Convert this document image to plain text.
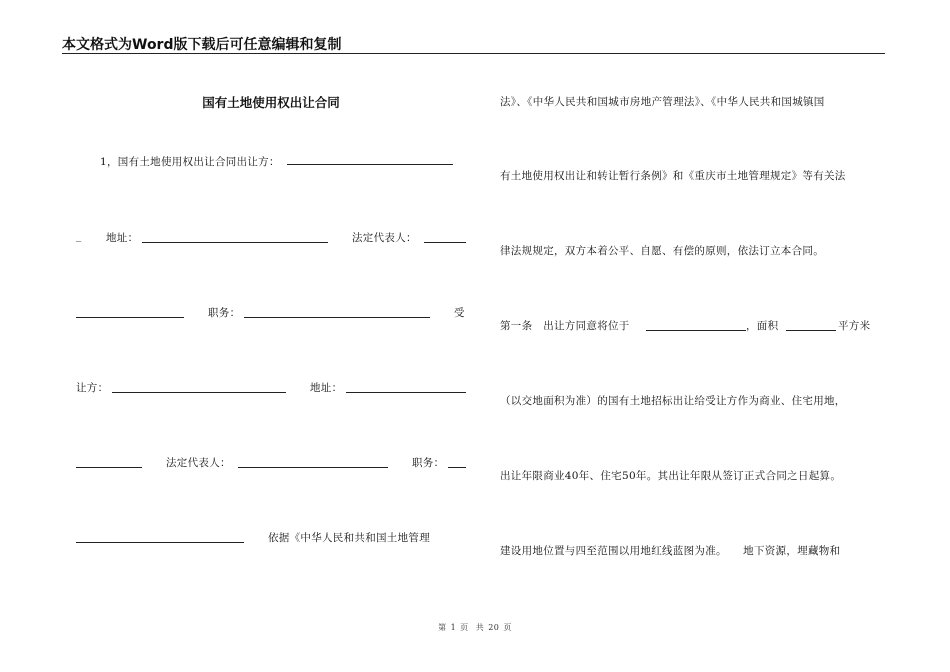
本文格式为Word版下载后可任意编辑和复制
国有土地使用权出让合同
1，国有土地使用权出让合同出让方：
_ 地址：	法定代表人：
职务：	受
让方：	地址：
法定代表人：	职务：
依据《中华人民和共和国土地管理
法》、《中华人民共和国城市房地产管理法》、《中华人民共和国城镇国
有土地使用权出让和转让暂行条例》和《重庆市土地管理规定》等有关法
律法规规定，双方本着公平、自愿、有偿的原则，依法订立本合同。
第一条　出让方同意将位于	，面积	平方米
（以交地面积为准）的国有土地招标出让给受让方作为商业、住宅用地，
出让年限商业40年、住宅50年。其出让年限从签订正式合同之日起算。
建设用地位置与四至范围以用地红线蓝图为准。　　地下资源，埋藏物和
第 1 页 共 20 页
